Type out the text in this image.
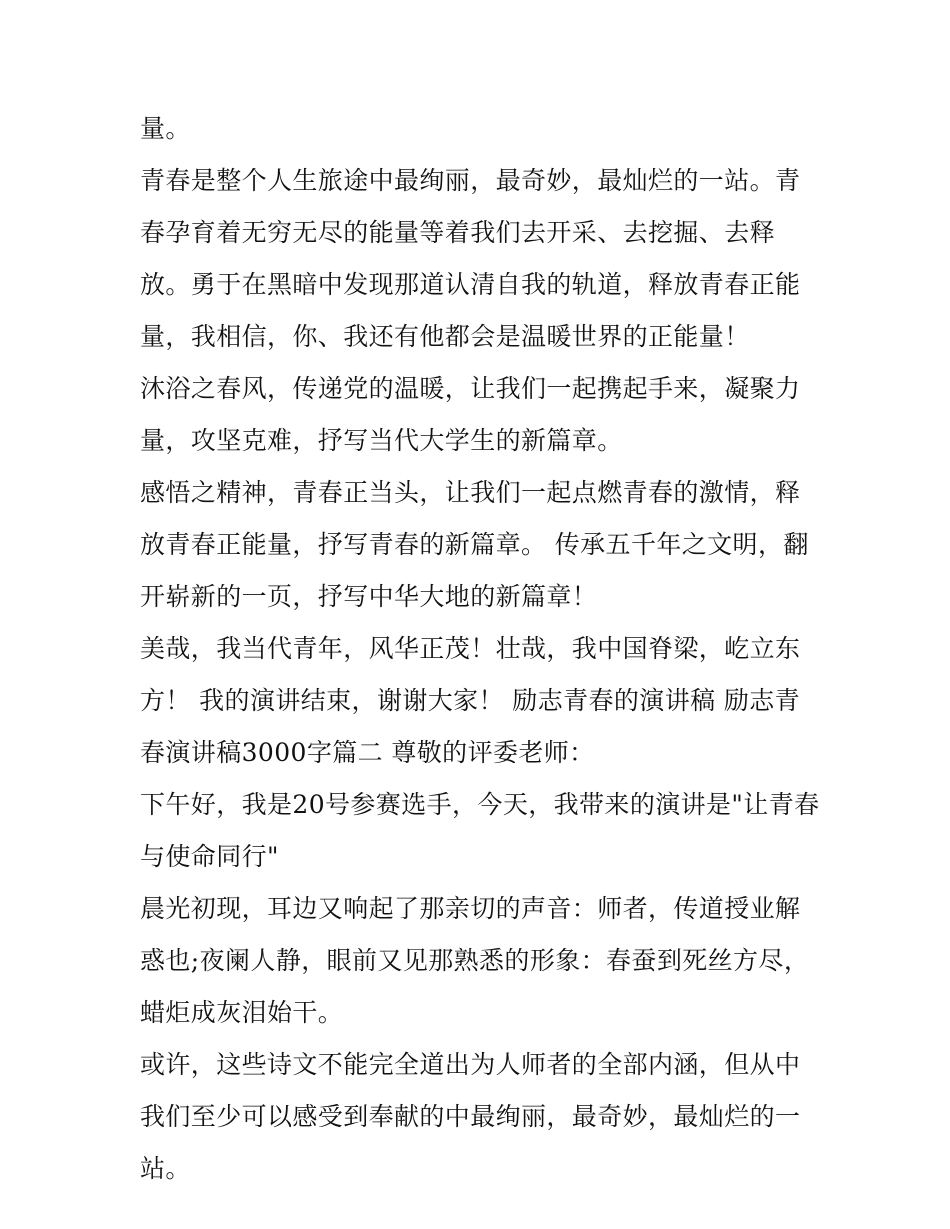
量。

青春是整个人生旅途中最绚丽，最奇妙，最灿烂的一站。青春孕育着无穷无尽的能量等着我们去开采、去挖掘、去释放。勇于在黑暗中发现那道认清自我的轨道，释放青春正能量，我相信，你、我还有他都会是温暖世界的正能量！

沐浴之春风，传递党的温暖，让我们一起携起手来，凝聚力量，攻坚克难，抒写当代大学生的新篇章。

感悟之精神，青春正当头，让我们一起点燃青春的激情，释放青春正能量，抒写青春的新篇章。 传承五千年之文明，翻开崭新的一页，抒写中华大地的新篇章！

美哉，我当代青年，风华正茂！壮哉，我中国脊梁，屹立东方！ 我的演讲结束，谢谢大家！ 励志青春的演讲稿 励志青春演讲稿3000字篇二 尊敬的评委老师：

下午好，我是20号参赛选手，今天，我带来的演讲是"让青春与使命同行"

晨光初现，耳边又响起了那亲切的声音：师者，传道授业解惑也;夜阑人静，眼前又见那熟悉的形象：春蚕到死丝方尽，蜡炬成灰泪始干。

或许，这些诗文不能完全道出为人师者的全部内涵，但从中我们至少可以感受到奉献的中最绚丽，最奇妙，最灿烂的一站。
